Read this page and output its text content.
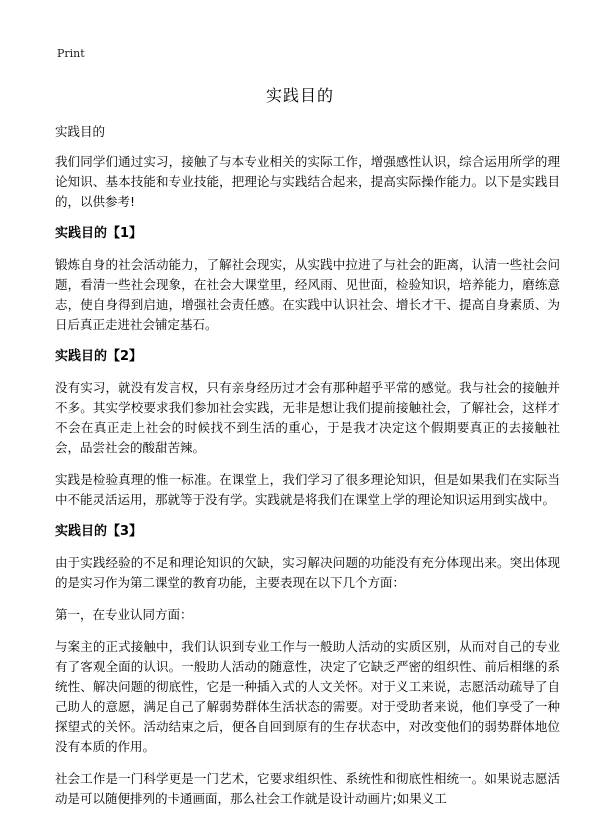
Print
实践目的

实践目的

我们同学们通过实习，接触了与本专业相关的实际工作，增强感性认识，综合运用所学的理论知识、基本技能和专业技能，把理论与实践结合起来，提高实际操作能力。以下是实践目的，以供参考!

实践目的【1】

锻炼自身的社会活动能力，了解社会现实，从实践中拉进了与社会的距离，认清一些社会问题，看清一些社会现象，在社会大课堂里，经风雨、见世面，检验知识，培养能力，磨练意志，使自身得到启迪，增强社会责任感。在实践中认识社会、增长才干、提高自身素质、为日后真正走进社会铺定基石。

实践目的【2】

没有实习，就没有发言权，只有亲身经历过才会有那种超乎平常的感觉。我与社会的接触并不多。其实学校要求我们参加社会实践，无非是想让我们提前接触社会，了解社会，这样才不会在真正走上社会的时候找不到生活的重心，于是我才决定这个假期要真正的去接触社会，品尝社会的酸甜苦辣。

实践是检验真理的惟一标准。在课堂上，我们学习了很多理论知识，但是如果我们在实际当中不能灵活运用，那就等于没有学。实践就是将我们在课堂上学的理论知识运用到实战中。

实践目的【3】

由于实践经验的不足和理论知识的欠缺，实习解决问题的功能没有充分体现出来。突出体现的是实习作为第二课堂的教育功能，主要表现在以下几个方面：

第一，在专业认同方面：

与案主的正式接触中，我们认识到专业工作与一般助人活动的实质区别，从而对自己的专业有了客观全面的认识。一般助人活动的随意性，决定了它缺乏严密的组织性、前后相继的系统性、解决问题的彻底性，它是一种插入式的人文关怀。对于义工来说，志愿活动疏导了自己助人的意愿，满足自己了解弱势群体生活状态的需要。对于受助者来说，他们享受了一种探望式的关怀。活动结束之后，便各自回到原有的生存状态中，对改变他们的弱势群体地位没有本质的作用。

社会工作是一门科学更是一门艺术，它要求组织性、系统性和彻底性相统一。如果说志愿活动是可以随便排列的卡通画面，那么社会工作就是设计动画片;如果义工
